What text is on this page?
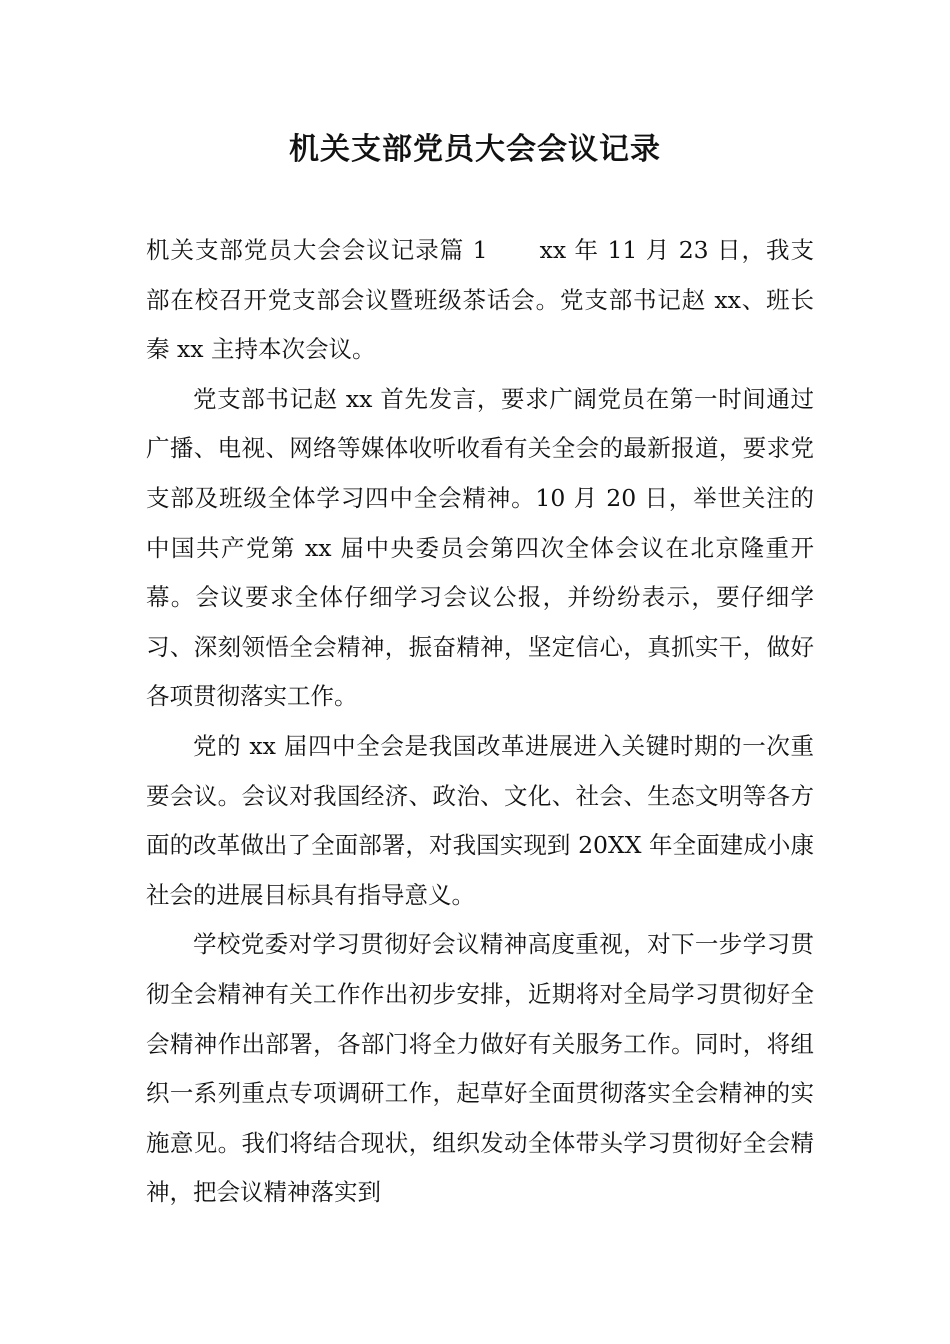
机关支部党员大会会议记录

机关支部党员大会会议记录篇 1 xx 年 11 月 23 日，我支部在校召开党支部会议暨班级茶话会。党支部书记赵 xx、班长秦 xx 主持本次会议。

党支部书记赵 xx 首先发言，要求广阔党员在第一时间通过广播、电视、网络等媒体收听收看有关全会的最新报道，要求党支部及班级全体学习四中全会精神。10 月 20 日，举世关注的中国共产党第 xx 届中央委员会第四次全体会议在北京隆重开幕。会议要求全体仔细学习会议公报，并纷纷表示，要仔细学习、深刻领悟全会精神，振奋精神，坚定信心，真抓实干，做好各项贯彻落实工作。

党的 xx 届四中全会是我国改革进展进入关键时期的一次重要会议。会议对我国经济、政治、文化、社会、生态文明等各方面的改革做出了全面部署，对我国实现到 20XX 年全面建成小康社会的进展目标具有指导意义。

学校党委对学习贯彻好会议精神高度重视，对下一步学习贯彻全会精神有关工作作出初步安排，近期将对全局学习贯彻好全会精神作出部署，各部门将全力做好有关服务工作。同时，将组织一系列重点专项调研工作，起草好全面贯彻落实全会精神的实施意见。我们将结合现状，组织发动全体带头学习贯彻好全会精神，把会议精神落实到
